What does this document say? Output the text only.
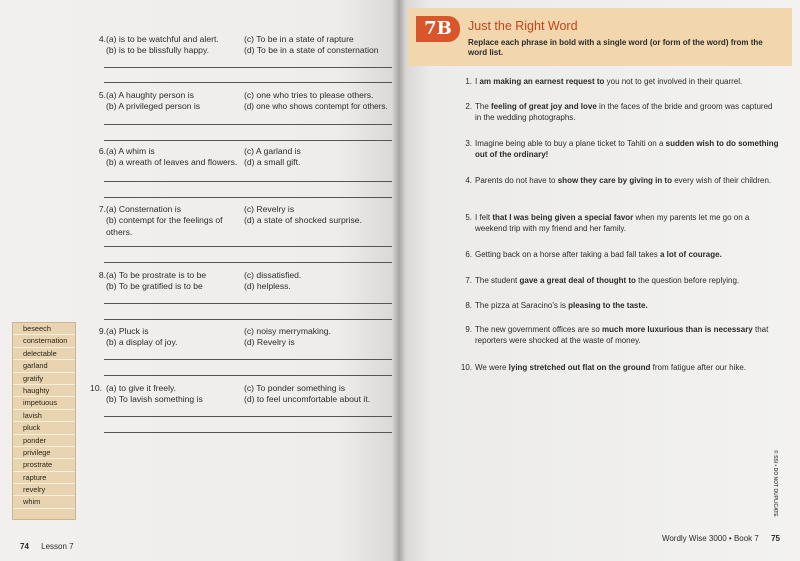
4. (a) is to be watchful and alert.
(b) is to be blissfully happy.
(c) To be in a state of rapture
(d) To be in a state of consternation
5. (a) A haughty person is
(b) A privileged person is
(c) one who tries to please others.
(d) one who shows contempt for others.
6. (a) A whim is
(b) a wreath of leaves and flowers.
(c) A garland is
(d) a small gift.
7. (a) Consternation is
(b) contempt for the feelings of others.
(c) Revelry is
(d) a state of shocked surprise.
8. (a) To be prostrate is to be
(b) To be gratified is to be
(c) dissatisfied.
(d) helpless.
9. (a) Pluck is
(b) a display of joy.
(c) noisy merrymaking.
(d) Revelry is
10. (a) to give it freely.
(b) To lavish something is
(c) To ponder something is
(d) to feel uncomfortable about it.
beseech
consternation
delectable
garland
gratify
haughty
impetuous
lavish
pluck
ponder
privilege
prostrate
rapture
revelry
whim
74 Lesson 7
7B	Just the Right Word
Replace each phrase in bold with a single word (or form of the word) from the word list.
1. I am making an earnest request to you not to get involved in their quarrel.
2. The feeling of great joy and love in the faces of the bride and groom was captured in the wedding photographs.
3. Imagine being able to buy a plane ticket to Tahiti on a sudden wish to do something out of the ordinary!
4. Parents do not have to show they care by giving in to every wish of their children.
5. I felt that I was being given a special favor when my parents let me go on a weekend trip with my friend and her family.
6. Getting back on a horse after taking a bad fall takes a lot of courage.
7. The student gave a great deal of thought to the question before replying.
8. The pizza at Saracino's is pleasing to the taste.
9. The new government offices are so much more luxurious than is necessary that reporters were shocked at the waste of money.
10. We were lying stretched out flat on the ground from fatigue after our hike.
Wordly Wise 3000 • Book 7 75
© SSI • DO NOT DUPLICATE
